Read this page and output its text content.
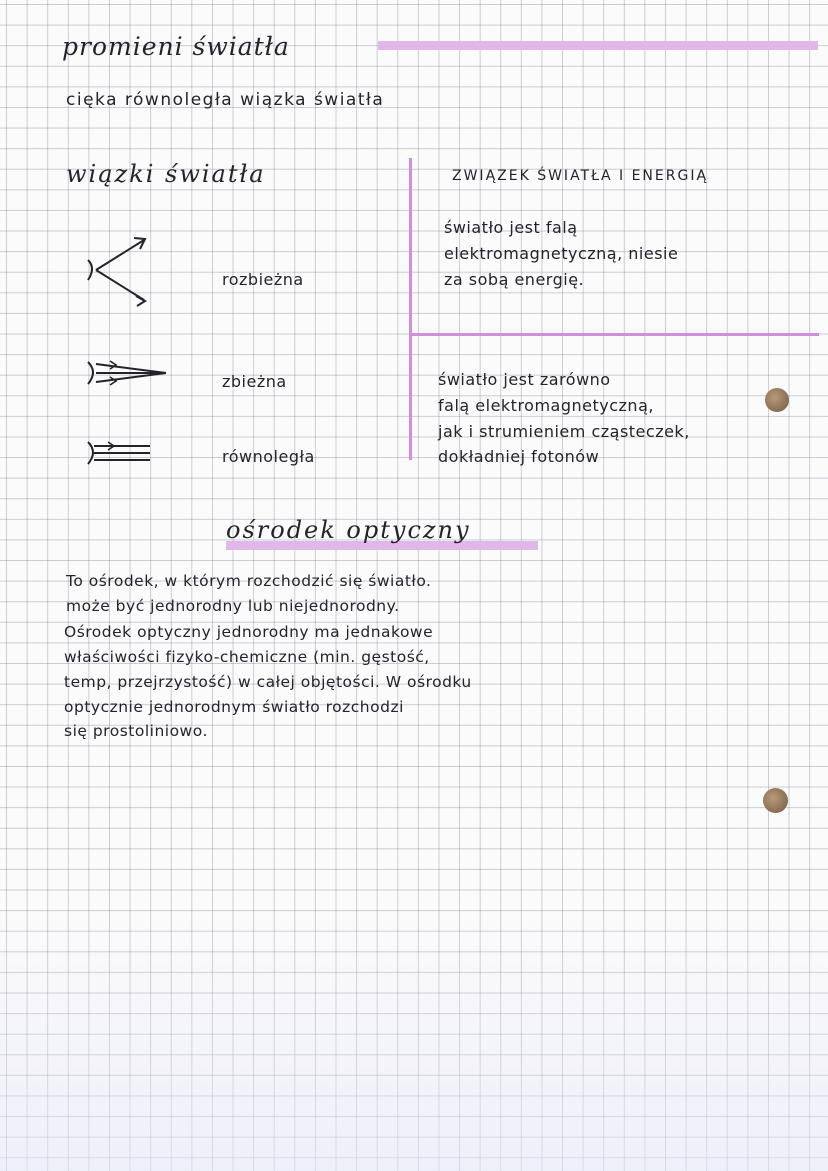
promieni światła
cięka równoległa wiązka światła
wiązki światła
rozbieżna
zbieżna
równoległa
ZWIĄZEK ŚWIATŁA I ENERGIĄ
światło jest falą
elektromagnetyczną, niesie
za sobą energię.
światło jest zarówno
falą elektromagnetyczną,
jak i strumieniem cząsteczek,
dokładniej fotonów
ośrodek optyczny
To ośrodek, w którym rozchodzić się światło.
może być jednorodny lub niejednorodny.
Ośrodek optyczny jednorodny ma jednakowe
właściwości fizyko-chemiczne (min. gęstość,
temp, przejrzystość) w całej objętości. W ośrodku
optycznie jednorodnym światło rozchodzi
się prostoliniowo.
